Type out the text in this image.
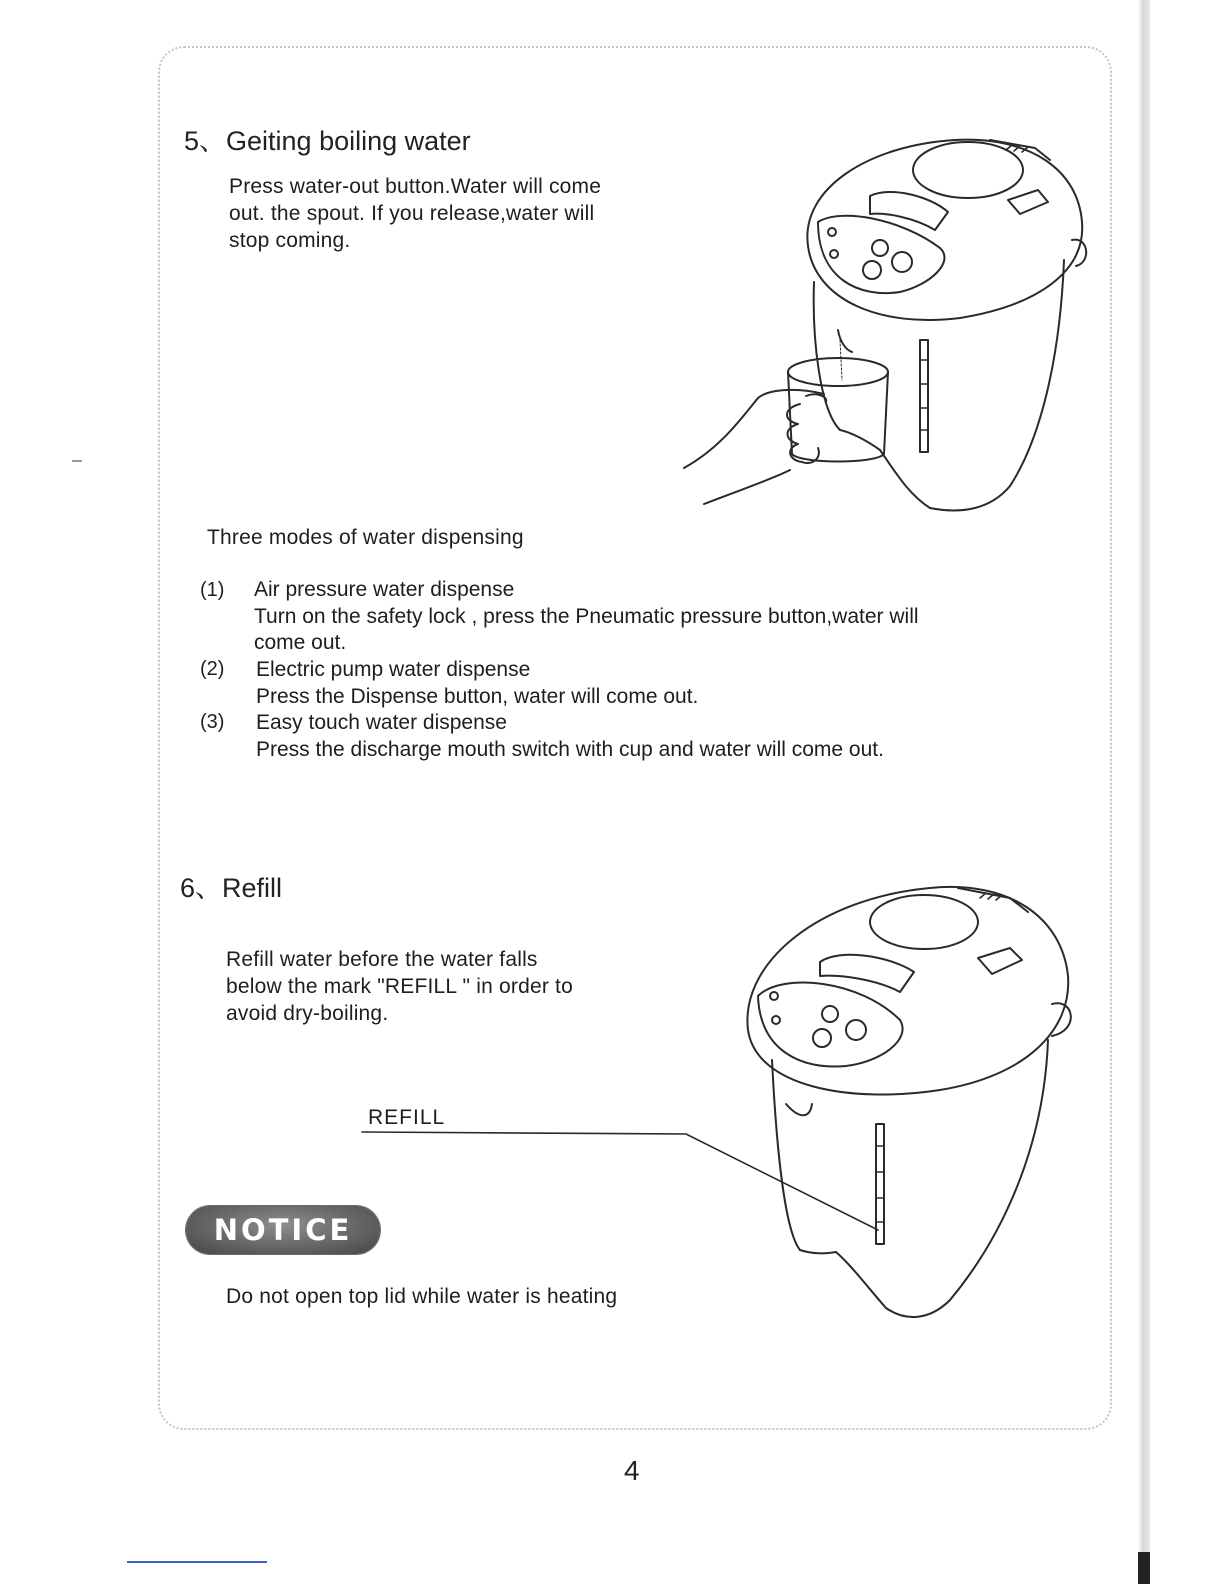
5、Geiting boiling water
Press water-out button.Water will come
out. the spout. If you release,water will
stop coming.
Three modes of water dispensing
(1) Air pressure water dispense
Turn on the safety lock , press the Pneumatic pressure button,water will
come out.
(2) Electric pump water dispense
Press the Dispense button, water will come out.
(3) Easy touch water dispense
Press the discharge mouth switch with cup and water will come out.
6、Refill
Refill water before the water falls
below the mark "REFILL " in order to
avoid dry-boiling.
REFILL
NOTICE
Do not open top lid while water is heating
4
